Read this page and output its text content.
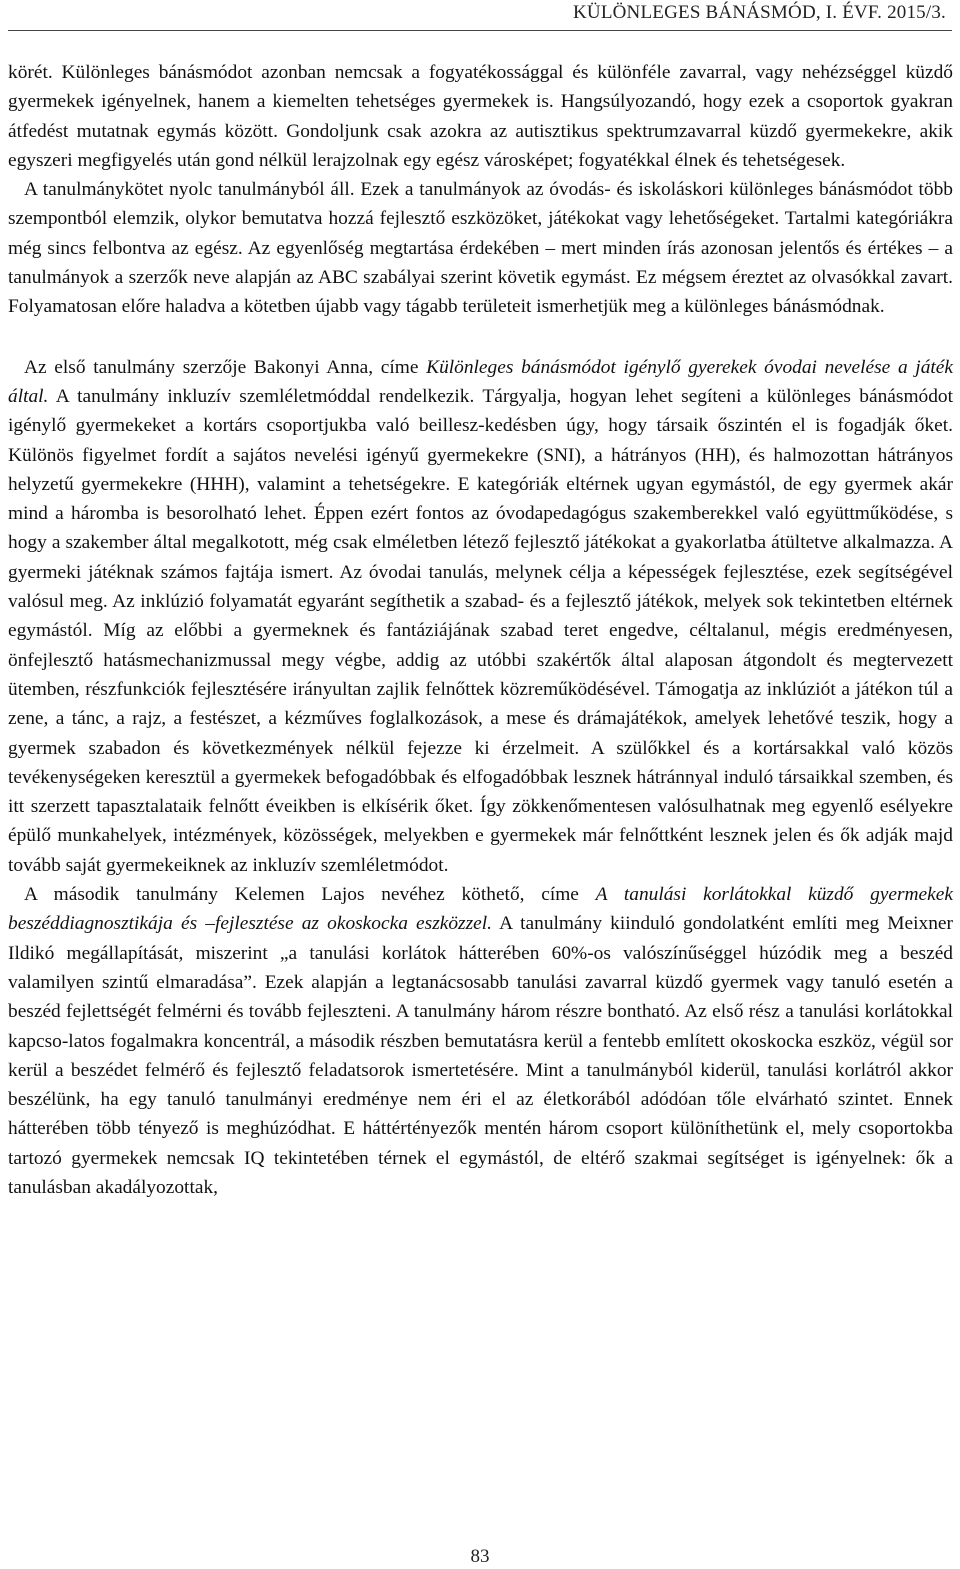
KÜLÖNLEGES BÁNÁSMÓD, I. ÉVF. 2015/3.

körét. Különleges bánásmódot azonban nemcsak a fogyatékossággal és különféle zavarral, vagy nehézséggel küzdő gyermekek igényelnek, hanem a kiemelten tehetséges gyermekek is. Hangsúlyozandó, hogy ezek a csoportok gyakran átfedést mutatnak egymás között. Gondoljunk csak azokra az autisztikus spektrumzavarral küzdő gyermekekre, akik egyszeri megfigyelés után gond nélkül lerajzolnak egy egész városképet; fogyatékkal élnek és tehetségesek.

A tanulmánykötet nyolc tanulmányból áll. Ezek a tanulmányok az óvodás- és iskoláskori különleges bánásmódot több szempontból elemzik, olykor bemutatva hozzá fejlesztő eszközöket, játékokat vagy lehetőségeket. Tartalmi kategóriákra még sincs felbontva az egész. Az egyenlőség megtartása érdekében – mert minden írás azonosan jelentős és értékes – a tanulmányok a szerzők neve alapján az ABC szabályai szerint követik egymást. Ez mégsem éreztet az olvasókkal zavart. Folyamatosan előre haladva a kötetben újabb vagy tágabb területeit ismerhetjük meg a különleges bánásmódnak.

Az első tanulmány szerzője Bakonyi Anna, címe Különleges bánásmódot igénylő gyerekek óvodai nevelése a játék által. A tanulmány inkluzív szemléletmóddal rendelkezik. Tárgyalja, hogyan lehet segíteni a különleges bánásmódot igénylő gyermekeket a kortárs csoportjukba való beillesz-kedésben úgy, hogy társaik őszintén el is fogadják őket. Különös figyelmet fordít a sajátos nevelési igényű gyermekekre (SNI), a hátrányos (HH), és halmozottan hátrányos helyzetű gyermekekre (HHH), valamint a tehetségekre. E kategóriák eltérnek ugyan egymástól, de egy gyermek akár mind a háromba is besorolható lehet. Éppen ezért fontos az óvodapedagógus szakemberekkel való együttműködése, s hogy a szakember által megalkotott, még csak elméletben létező fejlesztő játékokat a gyakorlatba átültetve alkalmazza. A gyermeki játéknak számos fajtája ismert. Az óvodai tanulás, melynek célja a képességek fejlesztése, ezek segítségével valósul meg. Az inklúzió folyamatát egyaránt segíthetik a szabad- és a fejlesztő játékok, melyek sok tekintetben eltérnek egymástól. Míg az előbbi a gyermeknek és fantáziájának szabad teret engedve, céltalanul, mégis eredményesen, önfejlesztő hatásmechanizmussal megy végbe, addig az utóbbi szakértők által alaposan átgondolt és megtervezett ütemben, részfunkciók fejlesztésére irányultan zajlik felnőttek közreműködésével. Támogatja az inklúziót a játékon túl a zene, a tánc, a rajz, a festészet, a kézműves foglalkozások, a mese és drámajátékok, amelyek lehetővé teszik, hogy a gyermek szabadon és következmények nélkül fejezze ki érzelmeit. A szülőkkel és a kortársakkal való közös tevékenységeken keresztül a gyermekek befogadóbbak és elfogadóbbak lesznek hátránnyal induló társaikkal szemben, és itt szerzett tapasztalataik felnőtt éveikben is elkísérik őket. Így zökkenőmentesen valósulhatnak meg egyenlő esélyekre épülő munkahelyek, intézmények, közösségek, melyekben e gyermekek már felnőttként lesznek jelen és ők adják majd tovább saját gyermekeiknek az inkluzív szemléletmódot.

A második tanulmány Kelemen Lajos nevéhez köthető, címe A tanulási korlátokkal küzdő gyermekek beszéddiagnosztikája és –fejlesztése az okoskocka eszközzel. A tanulmány kiinduló gondolatként említi meg Meixner Ildikó megállapítását, miszerint „a tanulási korlátok hátterében 60%-os valószínűséggel húzódik meg a beszéd valamilyen szintű elmaradása”. Ezek alapján a legtanácsosabb tanulási zavarral küzdő gyermek vagy tanuló esetén a beszéd fejlettségét felmérni és tovább fejleszteni. A tanulmány három részre bontható. Az első rész a tanulási korlátokkal kapcso-latos fogalmakra koncentrál, a második részben bemutatásra kerül a fentebb említett okoskocka eszköz, végül sor kerül a beszédet felmérő és fejlesztő feladatsorok ismertetésére. Mint a tanulmányból kiderül, tanulási korlátról akkor beszélünk, ha egy tanuló tanulmányi eredménye nem éri el az életkorából adódóan tőle elvárható szintet. Ennek hátterében több tényező is meghúzódhat. E háttértényezők mentén három csoport különíthetünk el, mely csoportokba tartozó gyermekek nemcsak IQ tekintetében térnek el egymástól, de eltérő szakmai segítséget is igényelnek: ők a tanulásban akadályozottak,

83
